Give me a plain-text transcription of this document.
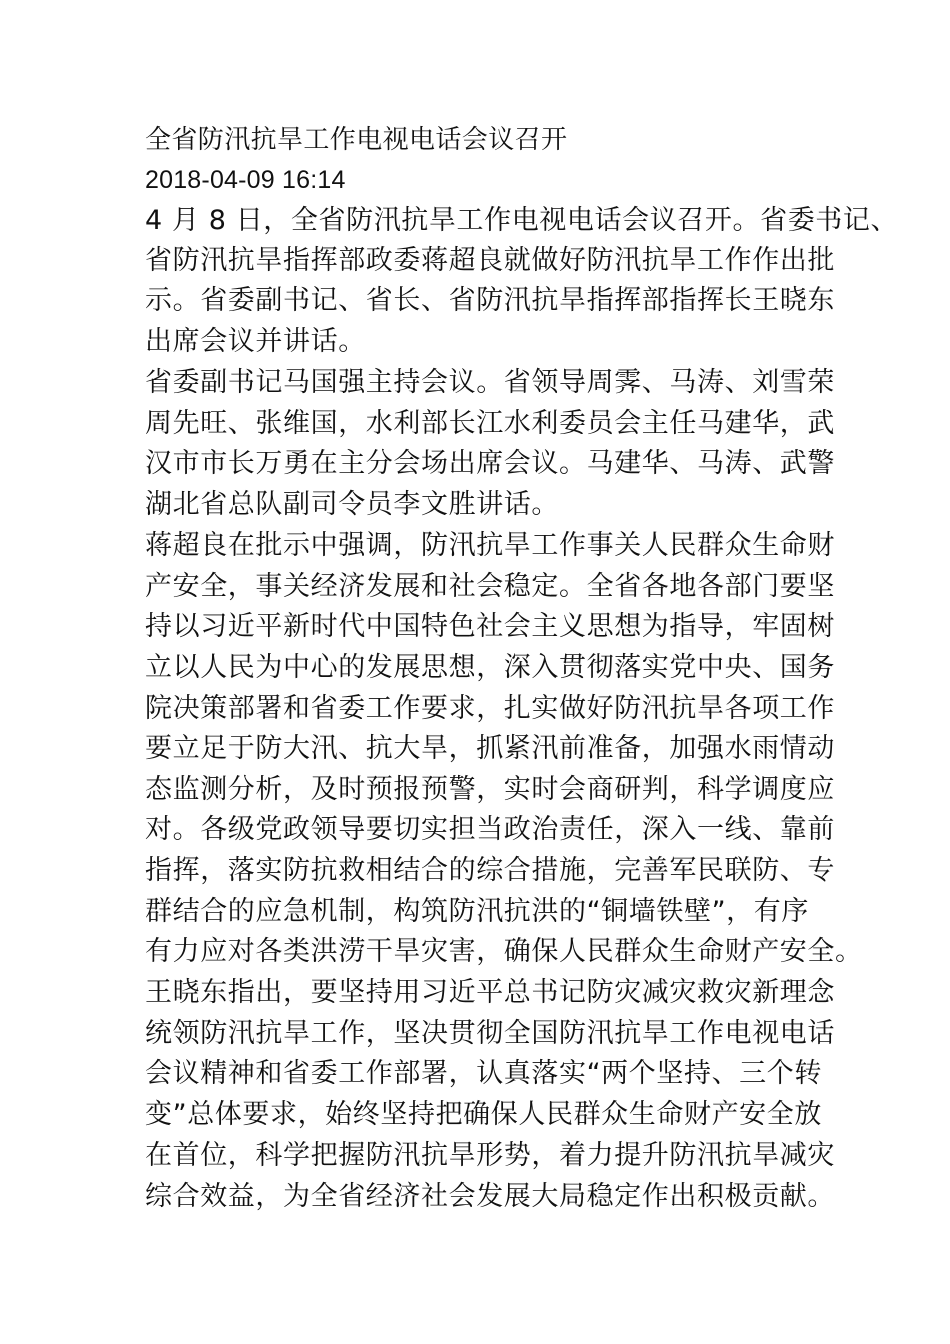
全省防汛抗旱工作电视电话会议召开
2018-04-09 16:14
4 月 8 日，全省防汛抗旱工作电视电话会议召开。省委书记、
省防汛抗旱指挥部政委蒋超良就做好防汛抗旱工作作出批
示。省委副书记、省长、省防汛抗旱指挥部指挥长王晓东
出席会议并讲话。
省委副书记马国强主持会议。省领导周霁、马涛、刘雪荣
周先旺、张维国，水利部长江水利委员会主任马建华，武
汉市市长万勇在主分会场出席会议。马建华、马涛、武警
湖北省总队副司令员李文胜讲话。
蒋超良在批示中强调，防汛抗旱工作事关人民群众生命财
产安全，事关经济发展和社会稳定。全省各地各部门要坚
持以习近平新时代中国特色社会主义思想为指导，牢固树
立以人民为中心的发展思想，深入贯彻落实党中央、国务
院决策部署和省委工作要求，扎实做好防汛抗旱各项工作
要立足于防大汛、抗大旱，抓紧汛前准备，加强水雨情动
态监测分析，及时预报预警，实时会商研判，科学调度应
对。各级党政领导要切实担当政治责任，深入一线、靠前
指挥，落实防抗救相结合的综合措施，完善军民联防、专
群结合的应急机制，构筑防汛抗洪的“铜墙铁壁”，有序
有力应对各类洪涝干旱灾害，确保人民群众生命财产安全。
王晓东指出，要坚持用习近平总书记防灾减灾救灾新理念
统领防汛抗旱工作，坚决贯彻全国防汛抗旱工作电视电话
会议精神和省委工作部署，认真落实“两个坚持、三个转
变”总体要求，始终坚持把确保人民群众生命财产安全放
在首位，科学把握防汛抗旱形势，着力提升防汛抗旱减灾
综合效益，为全省经济社会发展大局稳定作出积极贡献。
